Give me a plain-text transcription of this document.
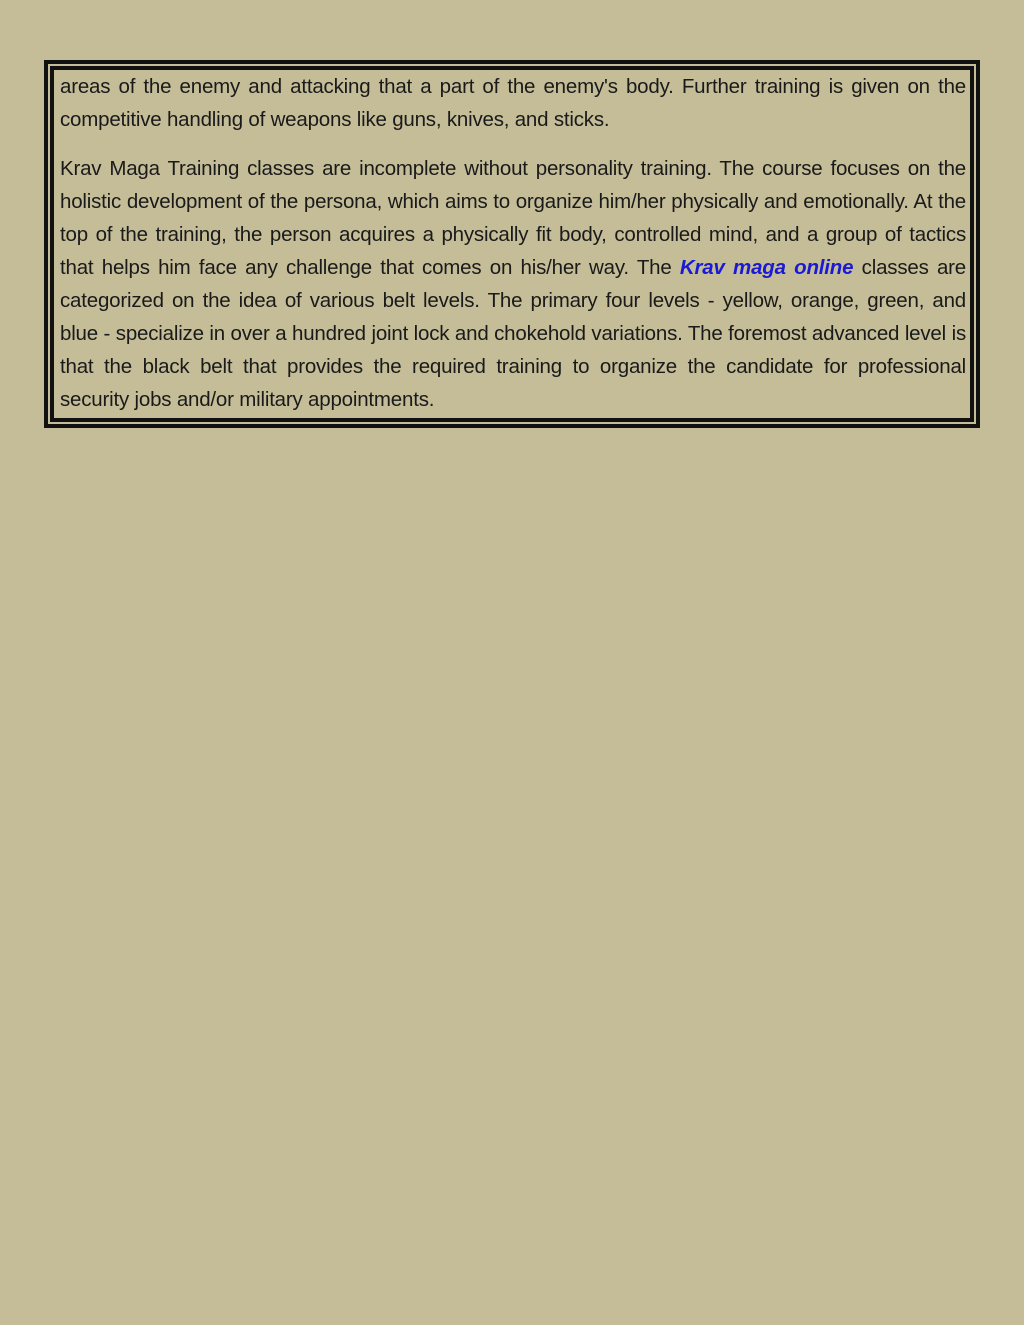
areas of the enemy and attacking that a part of the enemy's body. Further training is given on the competitive handling of weapons like guns, knives, and sticks.

Krav Maga Training classes are incomplete without personality training. The course focuses on the holistic development of the persona, which aims to organize him/her physically and emotionally. At the top of the training, the person acquires a physically fit body, controlled mind, and a group of tactics that helps him face any challenge that comes on his/her way. The Krav maga online classes are categorized on the idea of various belt levels. The primary four levels - yellow, orange, green, and blue - specialize in over a hundred joint lock and chokehold variations. The foremost advanced level is that the black belt that provides the required training to organize the candidate for professional security jobs and/or military appointments.
